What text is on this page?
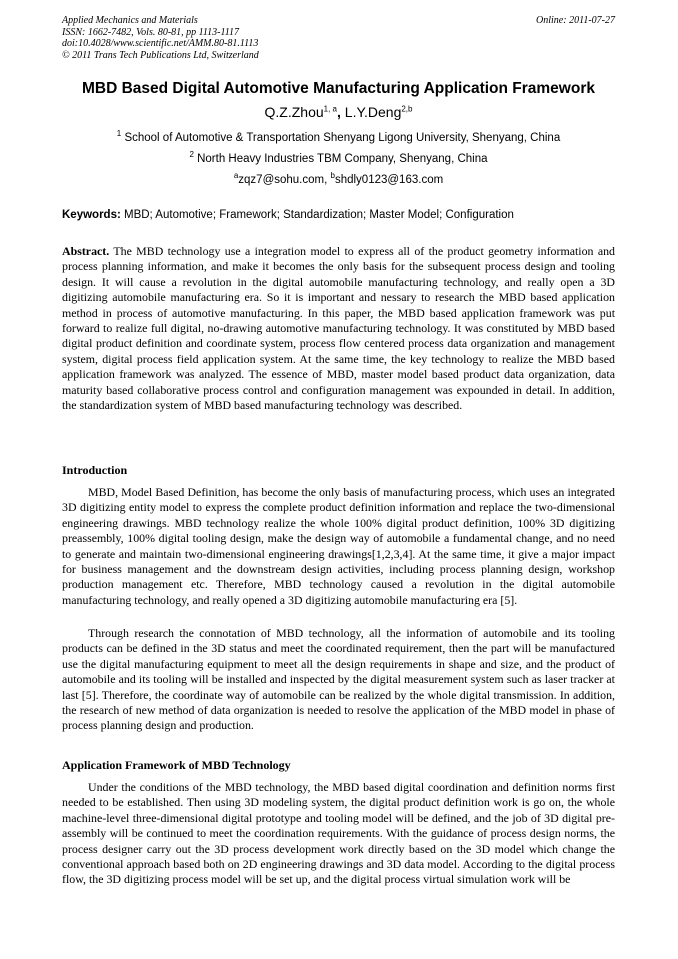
Applied Mechanics and Materials
ISSN: 1662-7482, Vols. 80-81, pp 1113-1117
doi:10.4028/www.scientific.net/AMM.80-81.1113
© 2011 Trans Tech Publications Ltd, Switzerland
Online: 2011-07-27
MBD Based Digital Automotive Manufacturing Application Framework
Q.Z.Zhou$^{1, a}$, L.Y.Deng$^{2,b}$
$^1$ School of Automotive & Transportation Shenyang Ligong University, Shenyang, China
$^2$ North Heavy Industries TBM Company, Shenyang, China
$^a$zqz7@sohu.com, $^b$shdly0123@163.com
Keywords: MBD; Automotive; Framework; Standardization; Master Model; Configuration
Abstract. The MBD technology use a integration model to express all of the product geometry information and process planning information, and make it becomes the only basis for the subsequent process design and tooling design. It will cause a revolution in the digital automobile manufacturing technology, and really open a 3D digitizing automobile manufacturing era. So it is important and nessary to research the MBD based application method in process of automotive manufacturing. In this paper, the MBD based application framework was put forward to realize full digital, no-drawing automotive manufacturing technology. It was constituted by MBD based digital product definition and coordinate system, process flow centered process data organization and management system, digital process field application system. At the same time, the key technology to realize the MBD based application framework was analyzed. The essence of MBD, master model based product data organization, data maturity based collaborative process control and configuration management was expounded in detail. In addition, the standardization system of MBD based manufacturing technology was described.
Introduction
MBD, Model Based Definition, has become the only basis of manufacturing process, which uses an integrated 3D digitizing entity model to express the complete product definition information and replace the two-dimensional engineering drawings. MBD technology realize the whole 100% digital product definition, 100% 3D digitizing preassembly, 100% digital tooling design, make the design way of automobile a fundamental change, and no need to generate and maintain two-dimensional engineering drawings[1,2,3,4]. At the same time, it give a major impact for business management and the downstream design activities, including process planning design, workshop production management etc. Therefore, MBD technology caused a revolution in the digital automobile manufacturing technology, and really opened a 3D digitizing automobile manufacturing era [5].
Through research the connotation of MBD technology, all the information of automobile and its tooling products can be defined in the 3D status and meet the coordinated requirement, then the part will be manufactured use the digital manufacturing equipment to meet all the design requirements in shape and size, and the product of automobile and its tooling will be installed and inspected by the digital measurement system such as laser tracker at last [5]. Therefore, the coordinate way of automobile can be realized by the whole digital transmission. In addition, the research of new method of data organization is needed to resolve the application of the MBD model in phase of process planning design and production.
Application Framework of MBD Technology
Under the conditions of the MBD technology, the MBD based digital coordination and definition norms first needed to be established. Then using 3D modeling system, the digital product definition work is go on, the whole machine-level three-dimensional digital prototype and tooling model will be defined, and the job of 3D digital pre-assembly will be continued to meet the coordination requirements. With the guidance of process design norms, the process designer carry out the 3D process development work directly based on the 3D model which change the conventional approach based both on 2D engineering drawings and 3D data model. According to the digital process flow, the 3D digitizing process model will be set up, and the digital process virtual simulation work will be
